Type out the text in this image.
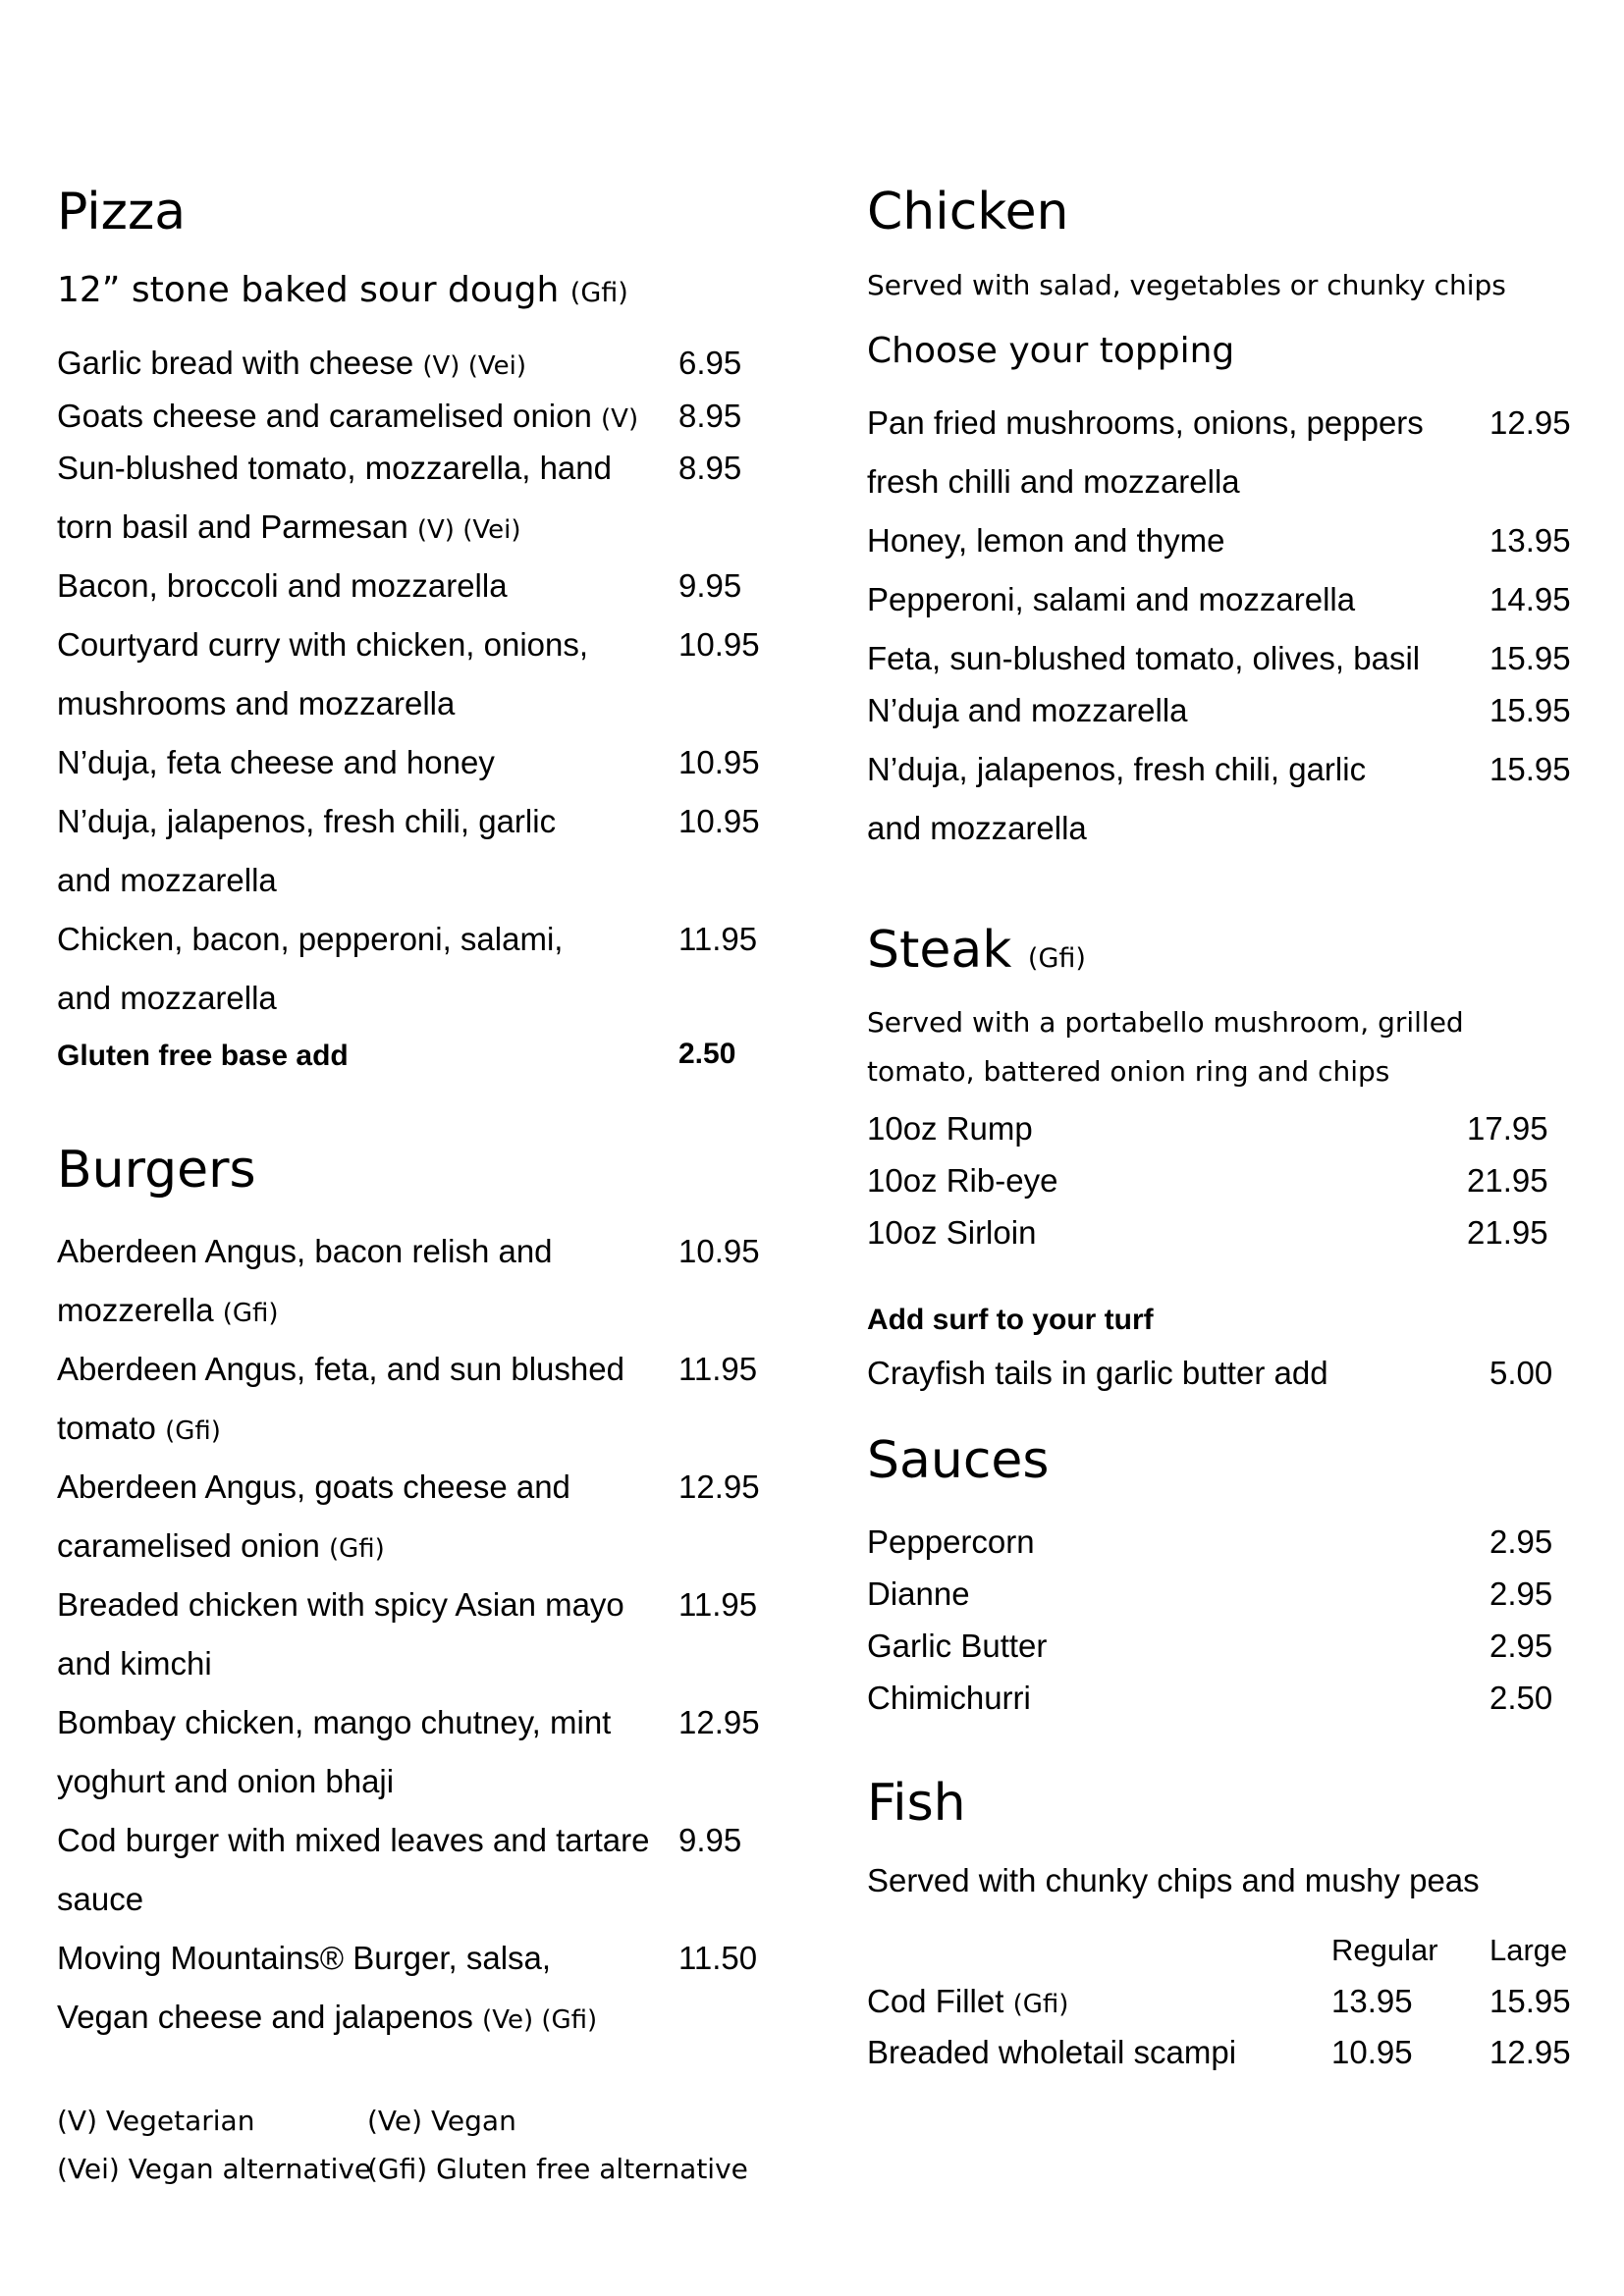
Pizza
12” stone baked sour dough (Gfi)
Garlic bread with cheese (V) (Vei)	6.95
Goats cheese and caramelised onion (V) 8.95
Sun-blushed tomato, mozzarella, hand 8.95
torn basil and Parmesan (V) (Vei)
Bacon, broccoli and mozzarella	9.95
Courtyard curry with chicken, onions,	10.95
mushrooms and mozzarella
N’duja, feta cheese and honey	10.95
N’duja, jalapenos, fresh chili, garlic	10.95
and mozzarella
Chicken, bacon, pepperoni, salami,	11.95
and mozzarella
Gluten free base add	2.50
Burgers
Aberdeen Angus, bacon relish and	10.95
mozzerella (Gfi)
Aberdeen Angus, feta, and sun blushed 11.95
tomato (Gfi)
Aberdeen Angus, goats cheese and	12.95
caramelised onion (Gfi)
Breaded chicken with spicy Asian mayo 11.95
and kimchi
Bombay chicken, mango chutney, mint 12.95
yoghurt and onion bhaji
Cod burger with mixed leaves and tartare 9.95
sauce
Moving Mountains® Burger, salsa,	11.50
Vegan cheese and jalapenos (Ve) (Gfi)
(V) Vegetarian	(Ve) Vegan
(Vei) Vegan alternative
(Gfi) Gluten free alternative
Chicken
Served with salad, vegetables or chunky chips
Choose your topping
Pan fried mushrooms, onions, peppers 12.95
fresh chilli and mozzarella
Honey, lemon and thyme	13.95
Pepperoni, salami and mozzarella	14.95
Feta, sun-blushed tomato, olives, basil 15.95
N’duja and mozzarella	15.95
N’duja, jalapenos, fresh chili, garlic	15.95
and mozzarella
Steak (Gfi)
Served with a portabello mushroom, grilled
tomato, battered onion ring and chips
10oz Rump	17.95
10oz Rib-eye	21.95
10oz Sirloin	21.95
Add surf to your turf
Crayfish tails in garlic butter add	5.00
Sauces
Peppercorn	2.95
Dianne	2.95
Garlic Butter	2.95
Chimichurri	2.50
Fish
Served with chunky chips and mushy peas
Regular Large
Cod Fillet (Gfi)	13.95 15.95
Breaded wholetail scampi	10.95 12.95
